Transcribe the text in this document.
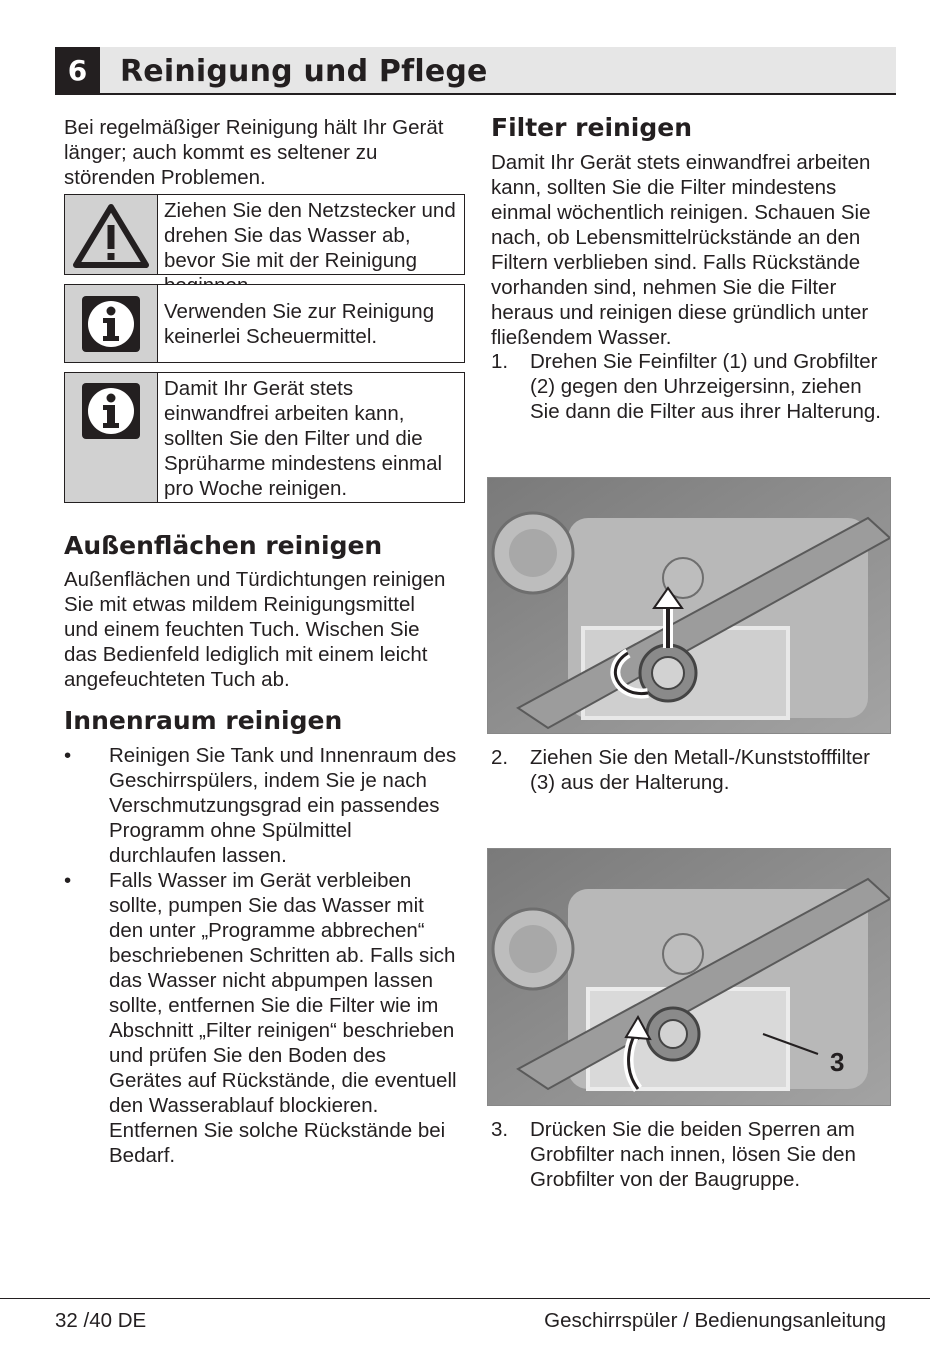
6	Reinigung und Pflege
Bei regelmäßiger Reinigung hält Ihr Gerät länger; auch kommt es seltener zu störenden Problemen.
Ziehen Sie den Netzstecker und drehen Sie das Wasser ab, bevor Sie mit der Reinigung
Verwenden Sie zur Reinigung keinerlei Scheuermittel.
Damit Ihr Gerät stets einwandfrei arbeiten kann, sollten Sie den Filter und die Sprüharme mindestens einmal pro Woche reinigen.
Außenflächen reinigen
Außenflächen und Türdichtungen reinigen Sie mit etwas mildem Reinigungsmittel und einem feuchten Tuch. Wischen Sie das Bedienfeld lediglich mit einem leicht angefeuchteten Tuch ab.
Innenraum reinigen
•	Reinigen Sie Tank und Innenraum des Geschirrspülers, indem Sie je nach Verschmutzungsgrad ein passendes Programm ohne Spülmittel durchlaufen lassen.
•	Falls Wasser im Gerät verbleiben sollte, pumpen Sie das Wasser mit den unter „Programme abbrechen“ beschriebenen Schritten ab. Falls sich das Wasser nicht abpumpen lassen sollte, entfernen Sie die Filter wie im Abschnitt „Filter reinigen“ beschrieben und prüfen Sie den Boden des Gerätes auf Rückstände, die eventuell den Wasserablauf blockieren. Entfernen Sie solche Rückstände bei Bedarf.
Filter reinigen
Damit Ihr Gerät stets einwandfrei arbeiten kann, sollten Sie die Filter mindestens einmal wöchentlich reinigen. Schauen Sie nach, ob Lebensmittelrückstände an den Filtern verblieben sind. Falls Rückstände vorhanden sind, nehmen Sie die Filter heraus und reinigen diese gründlich unter fließendem Wasser.
1.	Drehen Sie Feinfilter (1) und Grobfilter (2) gegen den Uhrzeigersinn, ziehen Sie dann die Filter aus ihrer Halterung.
2.	Ziehen Sie den Metall-/Kunststofffilter (3) aus der Halterung.
3
3.	Drücken Sie die beiden Sperren am Grobfilter nach innen, lösen Sie den Grobfilter von der Baugruppe.
32 /40 DE	Geschirrspüler / Bedienungsanleitung
